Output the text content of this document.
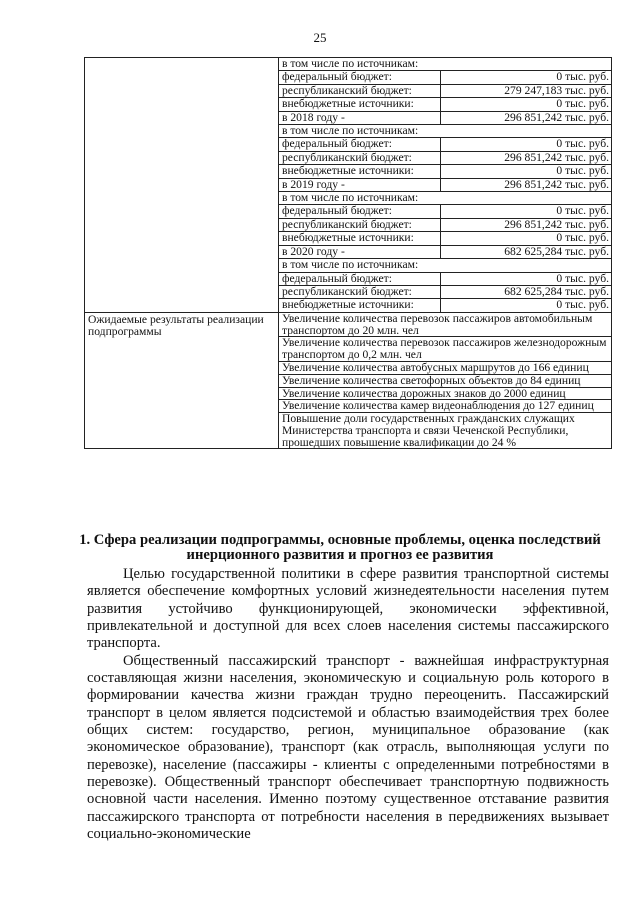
25
	в том числе по источникам:

	федеральный бюджет: 0 тыс. руб.

	республиканский бюджет: 279 247,183 тыс. руб.

	внебюджетные источники: 0 тыс. руб.

	в 2018 году - 296 851,242 тыс. руб.

	в том числе по источникам:

	федеральный бюджет: 0 тыс. руб.

	республиканский бюджет: 296 851,242 тыс. руб.

	внебюджетные источники: 0 тыс. руб.

	в 2019 году - 296 851,242 тыс. руб.

	в том числе по источникам:

	федеральный бюджет: 0 тыс. руб.

	республиканский бюджет: 296 851,242 тыс. руб.

	внебюджетные источники: 0 тыс. руб.

	в 2020 году - 682 625,284 тыс. руб.

	в том числе по источникам:

	федеральный бюджет: 0 тыс. руб.

	республиканский бюджет: 682 625,284 тыс. руб.

	внебюджетные источники: 0 тыс. руб.

Ожидаемые результаты реализации подпрограммы	Увеличение количества перевозок пассажиров автомобильным транспортом до 20 млн. чел
	Увеличение количества перевозок пассажиров железнодорожным транспортом до 0,2 млн. чел
	Увеличение количества автобусных маршрутов до 166 единиц
	Увеличение количества светофорных объектов до 84 единиц
	Увеличение количества дорожных знаков до 2000 единиц
	Увеличение количества камер видеонаблюдения до 127 единиц
	Повышение доли государственных гражданских служащих Министерства транспорта и связи Чеченской Республики, прошедших повышение квалификации до 24 %
1. Сфера реализации подпрограммы, основные проблемы, оценка последствий инерционного развития и прогноз ее развития

Целью государственной политики в сфере развития транспортной системы является обеспечение комфортных условий жизнедеятельности населения путем развития устойчиво функционирующей, экономически эффективной, привлекательной и доступной для всех слоев населения системы пассажирского транспорта.

Общественный пассажирский транспорт - важнейшая инфраструктурная составляющая жизни населения, экономическую и социальную роль которого в формировании качества жизни граждан трудно переоценить. Пассажирский транспорт в целом является подсистемой и областью взаимодействия трех более общих систем: государство, регион, муниципальное образование (как экономическое образование), транспорт (как отрасль, выполняющая услуги по перевозке), население (пассажиры - клиенты с определенными потребностями в перевозке). Общественный транспорт обеспечивает транспортную подвижность основной части населения. Именно поэтому существенное отставание развития пассажирского транспорта от потребности населения в передвижениях вызывает социально-экономические
